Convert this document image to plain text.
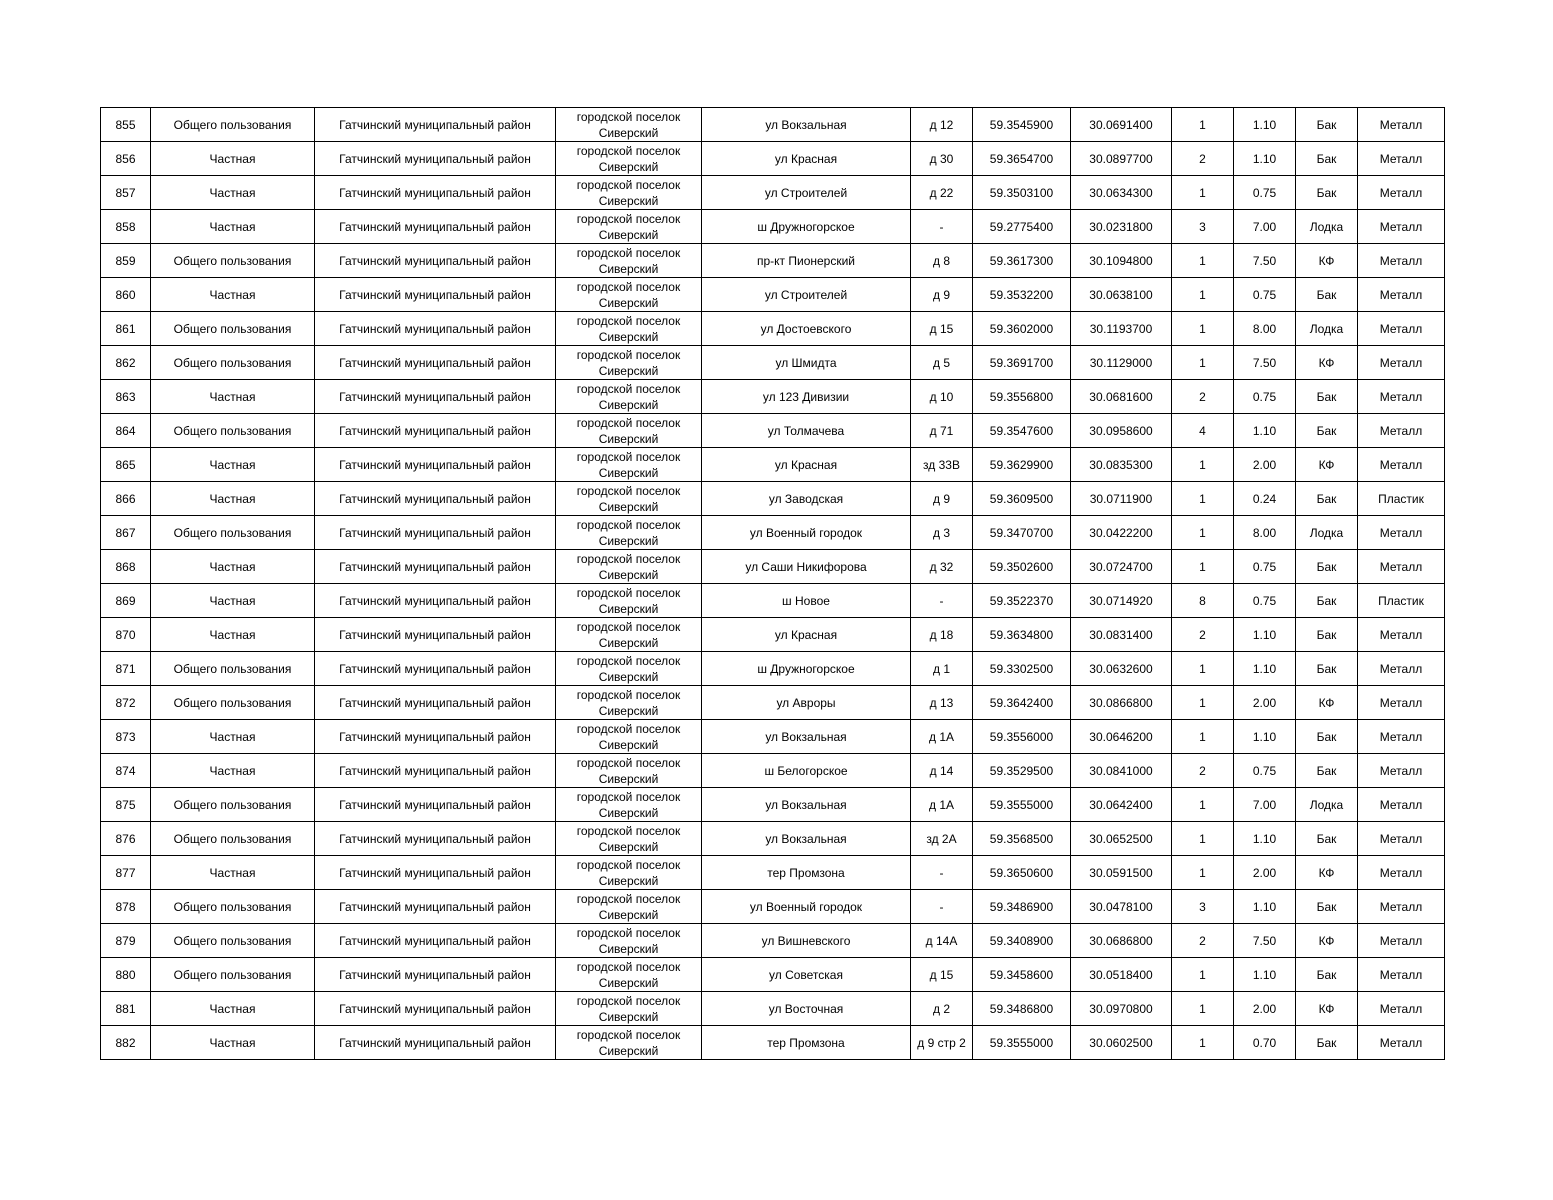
855	Общего пользования	Гатчинский муниципальный район	городской поселок Сиверский	ул Вокзальная	д 12	59.3545900	30.0691400	1	1.10	Бак	Металл
856	Частная	Гатчинский муниципальный район	городской поселок Сиверский	ул Красная	д 30	59.3654700	30.0897700	2	1.10	Бак	Металл
857	Частная	Гатчинский муниципальный район	городской поселок Сиверский	ул Строителей	д 22	59.3503100	30.0634300	1	0.75	Бак	Металл
858	Частная	Гатчинский муниципальный район	городской поселок Сиверский	ш Дружногорское	-	59.2775400	30.0231800	3	7.00	Лодка	Металл
859	Общего пользования	Гатчинский муниципальный район	городской поселок Сиверский	пр-кт Пионерский	д 8	59.3617300	30.1094800	1	7.50	КФ	Металл
860	Частная	Гатчинский муниципальный район	городской поселок Сиверский	ул Строителей	д 9	59.3532200	30.0638100	1	0.75	Бак	Металл
861	Общего пользования	Гатчинский муниципальный район	городской поселок Сиверский	ул Достоевского	д 15	59.3602000	30.1193700	1	8.00	Лодка	Металл
862	Общего пользования	Гатчинский муниципальный район	городской поселок Сиверский	ул Шмидта	д 5	59.3691700	30.1129000	1	7.50	КФ	Металл
863	Частная	Гатчинский муниципальный район	городской поселок Сиверский	ул 123 Дивизии	д 10	59.3556800	30.0681600	2	0.75	Бак	Металл
864	Общего пользования	Гатчинский муниципальный район	городской поселок Сиверский	ул Толмачева	д 71	59.3547600	30.0958600	4	1.10	Бак	Металл
865	Частная	Гатчинский муниципальный район	городской поселок Сиверский	ул Красная	зд 33В	59.3629900	30.0835300	1	2.00	КФ	Металл
866	Частная	Гатчинский муниципальный район	городской поселок Сиверский	ул Заводская	д 9	59.3609500	30.0711900	1	0.24	Бак	Пластик
867	Общего пользования	Гатчинский муниципальный район	городской поселок Сиверский	ул Военный городок	д 3	59.3470700	30.0422200	1	8.00	Лодка	Металл
868	Частная	Гатчинский муниципальный район	городской поселок Сиверский	ул Саши Никифорова	д 32	59.3502600	30.0724700	1	0.75	Бак	Металл
869	Частная	Гатчинский муниципальный район	городской поселок Сиверский	ш Новое	-	59.3522370	30.0714920	8	0.75	Бак	Пластик
870	Частная	Гатчинский муниципальный район	городской поселок Сиверский	ул Красная	д 18	59.3634800	30.0831400	2	1.10	Бак	Металл
871	Общего пользования	Гатчинский муниципальный район	городской поселок Сиверский	ш Дружногорское	д 1	59.3302500	30.0632600	1	1.10	Бак	Металл
872	Общего пользования	Гатчинский муниципальный район	городской поселок Сиверский	ул Авроры	д 13	59.3642400	30.0866800	1	2.00	КФ	Металл
873	Частная	Гатчинский муниципальный район	городской поселок Сиверский	ул Вокзальная	д 1А	59.3556000	30.0646200	1	1.10	Бак	Металл
874	Частная	Гатчинский муниципальный район	городской поселок Сиверский	ш Белогорское	д 14	59.3529500	30.0841000	2	0.75	Бак	Металл
875	Общего пользования	Гатчинский муниципальный район	городской поселок Сиверский	ул Вокзальная	д 1А	59.3555000	30.0642400	1	7.00	Лодка	Металл
876	Общего пользования	Гатчинский муниципальный район	городской поселок Сиверский	ул Вокзальная	зд 2А	59.3568500	30.0652500	1	1.10	Бак	Металл
877	Частная	Гатчинский муниципальный район	городской поселок Сиверский	тер Промзона	-	59.3650600	30.0591500	1	2.00	КФ	Металл
878	Общего пользования	Гатчинский муниципальный район	городской поселок Сиверский	ул Военный городок	-	59.3486900	30.0478100	3	1.10	Бак	Металл
879	Общего пользования	Гатчинский муниципальный район	городской поселок Сиверский	ул Вишневского	д 14А	59.3408900	30.0686800	2	7.50	КФ	Металл
880	Общего пользования	Гатчинский муниципальный район	городской поселок Сиверский	ул Советская	д 15	59.3458600	30.0518400	1	1.10	Бак	Металл
881	Частная	Гатчинский муниципальный район	городской поселок Сиверский	ул Восточная	д 2	59.3486800	30.0970800	1	2.00	КФ	Металл
882	Частная	Гатчинский муниципальный район	городской поселок Сиверский	тер Промзона	д 9 стр 2	59.3555000	30.0602500	1	0.70	Бак	Металл
